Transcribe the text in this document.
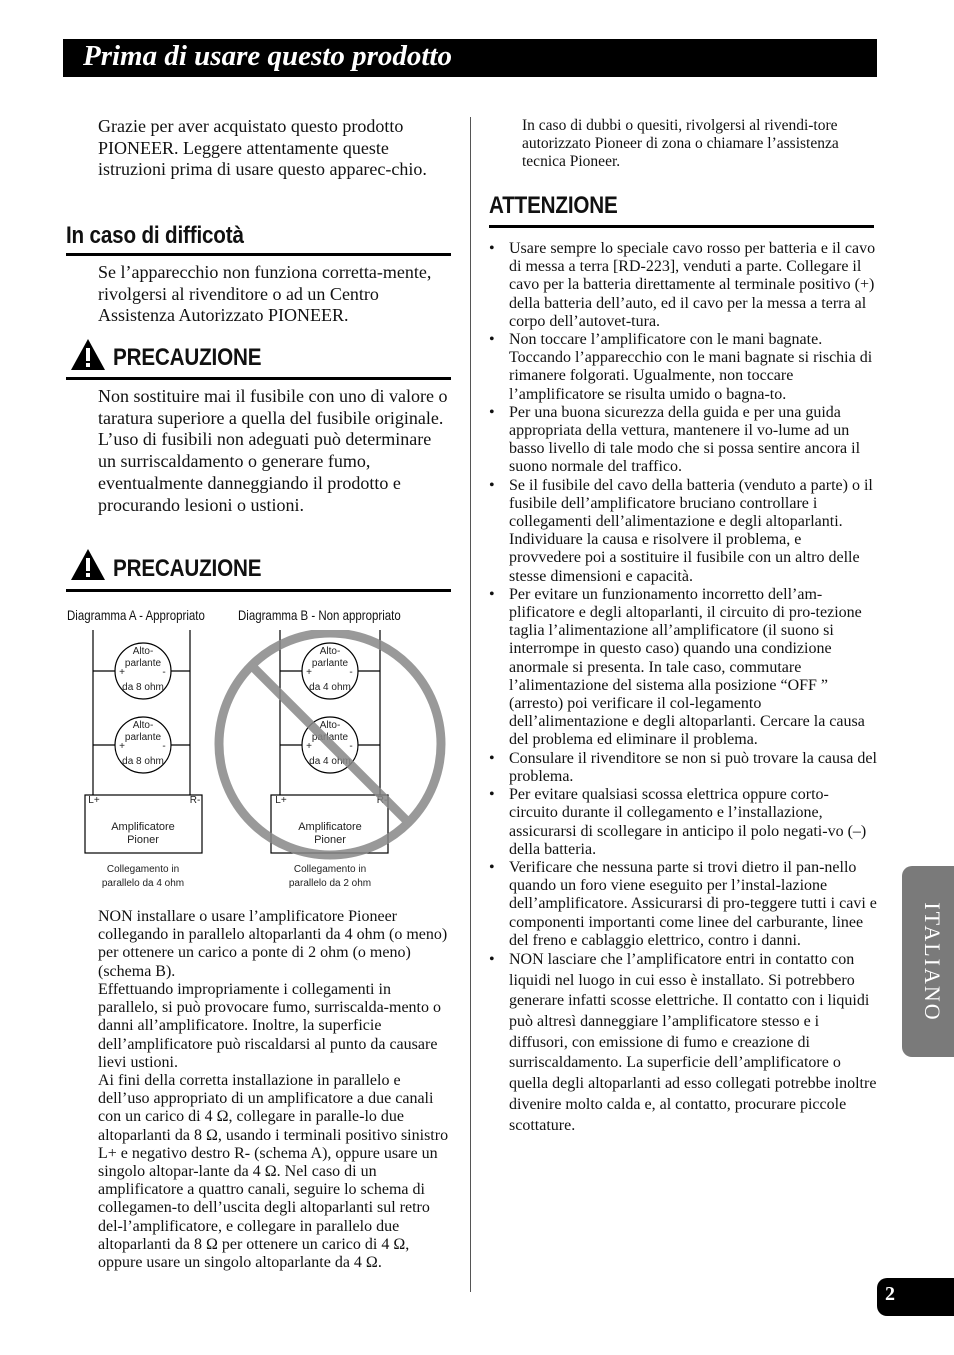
Prima di usare questo prodotto

Grazie per aver acquistato questo prodotto PIONEER. Leggere attentamente queste istruzioni prima di usare questo apparec-chio.

In caso di difficotà

Se l’apparecchio non funziona corretta-mente, rivolgersi al rivenditore o ad un Centro Assistenza Autorizzato PIONEER.

PRECAUZIONE

Non sostituire mai il fusibile con uno di valore o taratura superiore a quella del fusibile originale. L’uso di fusibili non adeguati può determinare un surriscaldamento o generare fumo, eventualmente danneggiando il prodotto e procurando lesioni o ustioni.

PRECAUZIONE
Diagramma A - Appropriato Diagramma B - Non appropriato
Alto-
parlante
+	-
da 8 ohm
Alto-
parlante
+	-
da 8 ohm
L+	R-
Amplificatore
Pioner
Collegamento in
parallelo da 4 ohm
Alto-
parlante
+	-
da 4 ohm
Alto-
parlante
+	-
da 4 ohm
L+	R-
Amplificatore
Pioner
Collegamento in
parallelo da 2 ohm

NON installare o usare l’amplificatore Pioneer collegando in parallelo altoparlanti da 4 ohm (o meno) per ottenere un carico a ponte di 2 ohm (o meno) (schema B).

Effettuando impropriamente i collegamenti in parallelo, si può provocare fumo, surriscalda-mento o danni all’amplificatore. Inoltre, la superficie dell’amplificatore può riscaldarsi al punto da causare lievi ustioni.

Ai fini della corretta installazione in parallelo e dell’uso appropriato di un amplificatore a due canali con un carico di 4 Ω, collegare in paralle-lo due altoparlanti da 8 Ω, usando i terminali positivo sinistro L+ e negativo destro R- (schema A), oppure usare un singolo altopar-lante da 4 Ω. Nel caso di un amplificatore a quattro canali, seguire lo schema di collegamen-to dell’uscita degli altoparlanti sul retro del-l’amplificatore, e collegare in parallelo due altoparlanti da 8 Ω per ottenere un carico di 4 Ω, oppure usare un singolo altoparlante da 4 Ω.

In caso di dubbi o quesiti, rivolgersi al rivendi-tore autorizzato Pioneer di zona o chiamare l’assistenza tecnica Pioneer.

ATTENZIONE
• Usare sempre lo speciale cavo rosso per batteria e il cavo di messa a terra [RD-223], venduti a parte. Collegare il cavo per la batteria direttamente al terminale positivo (+) della batteria dell’auto, ed il cavo per la messa a terra al corpo dell’autovet-tura.
• Non toccare l’amplificatore con le mani bagnate. Toccando l’apparecchio con le mani bagnate si rischia di rimanere folgorati. Ugualmente, non toccare l’amplificatore se risulta umido o bagna-to.
• Per una buona sicurezza della guida e per una guida appropriata della vettura, mantenere il vo-lume ad un basso livello di tale modo che si possa sentire ancora il suono normale del traffico.
• Se il fusibile del cavo della batteria (venduto a parte) o il fusibile dell’amplificatore bruciano controllare i collegamenti dell’alimentazione e degli altoparlanti. Individuare la causa e risolvere il problema, e provvedere poi a sostituire il fusibile con un altro delle stesse dimensioni e capacità.
• Per evitare un funzionamento incorretto dell’am-plificatore e degli altoparlanti, il circuito di pro-tezione taglia l’alimentazione all’amplificatore (il suono si interrompe in questo caso) quando una condizione anormale si presenta. In tale caso, commutare l’alimentazione del sistema alla posizione “OFF ” (arresto) poi verificare il col-legamento dell’alimentazione e degli altoparlanti. Cercare la causa del problema ed eliminare il problema.
• Consulare il rivenditore se non si può trovare la causa del problema.
• Per evitare qualsiasi scossa elettrica oppure corto-circuito durante il collegamento e l’installazione, assicurarsi di scollegare in anticipo il polo negati-vo (–) della batteria.
• Verificare che nessuna parte si trovi dietro il pan-nello quando un foro viene eseguito per l’instal-lazione dell’amplificatore. Assicurarsi di pro-teggere tutti i cavi e componenti importanti come linee del carburante, linee del freno e cablaggio elettrico, contro i danni.
• NON lasciare che l’amplificatore entri in contatto con liquidi nel luogo in cui esso è installato. Si potrebbero generare infatti scosse elettriche. Il contatto con i liquidi può altresì danneggiare l’amplificatore stesso e i diffusori, con emissione di fumo e creazione di surriscaldamento. La superficie dell’amplificatore o quella degli altoparlanti ad esso collegati potrebbe inoltre divenire molto calda e, al contatto, procurare piccole scottature.
ITALIANO
2
